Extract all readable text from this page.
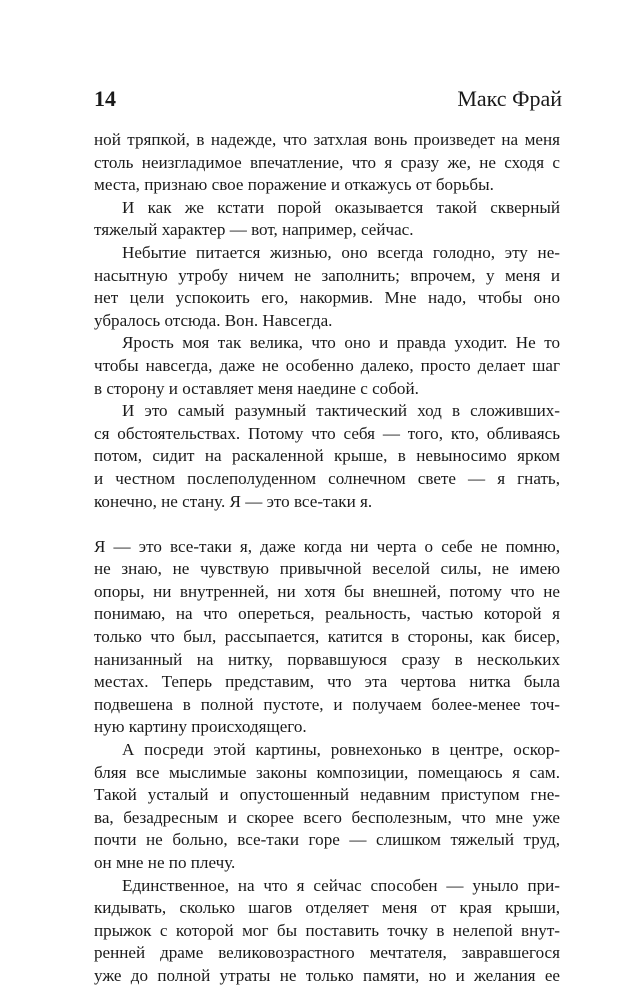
14	Макс Фрай
ной тряпкой, в надежде, что затхлая вонь произведет на меня
столь неизгладимое впечатление, что я сразу же, не сходя с
места, признаю свое поражение и откажусь от борьбы.
И как же кстати порой оказывается такой скверный
тяжелый характер — вот, например, сейчас.
Небытие питается жизнью, оно всегда голодно, эту не-
насытную утробу ничем не заполнить; впрочем, у меня и
нет цели успокоить его, накормив. Мне надо, чтобы оно
убралось отсюда. Вон. Навсегда.
Ярость моя так велика, что оно и правда уходит. Не то
чтобы навсегда, даже не особенно далеко, просто делает шаг
в сторону и оставляет меня наедине с собой.
И это самый разумный тактический ход в сложивших-
ся обстоятельствах. Потому что себя — того, кто, обливаясь
потом, сидит на раскаленной крыше, в невыносимо ярком
и честном послеполуденном солнечном свете — я гнать,
конечно, не стану. Я — это все-таки я.
Я — это все-таки я, даже когда ни черта о себе не помню,
не знаю, не чувствую привычной веселой силы, не имею
опоры, ни внутренней, ни хотя бы внешней, потому что не
понимаю, на что опереться, реальность, частью которой я
только что был, рассыпается, катится в стороны, как бисер,
нанизанный на нитку, порвавшуюся сразу в нескольких
местах. Теперь представим, что эта чертова нитка была
подвешена в полной пустоте, и получаем более-менее точ-
ную картину происходящего.
А посреди этой картины, ровнехонько в центре, оскор-
бляя все мыслимые законы композиции, помещаюсь я сам.
Такой усталый и опустошенный недавним приступом гне-
ва, безадресным и скорее всего бесполезным, что мне уже
почти не больно, все-таки горе — слишком тяжелый труд,
он мне не по плечу.
Единственное, на что я сейчас способен — уныло при-
кидывать, сколько шагов отделяет меня от края крыши,
прыжок с которой мог бы поставить точку в нелепой внут-
ренней драме великовозрастного мечтателя, завравшегося
уже до полной утраты не только памяти, но и желания ее
